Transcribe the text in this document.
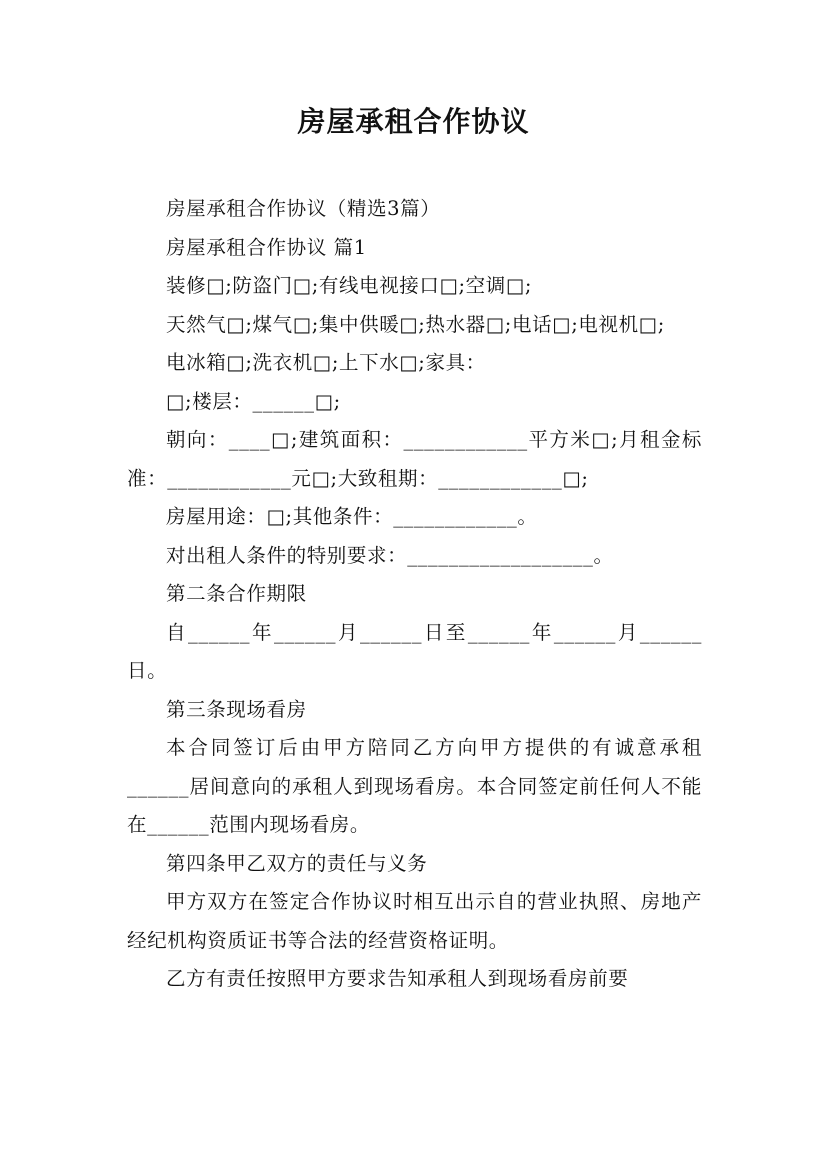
房屋承租合作协议

房屋承租合作协议（精选3篇）

房屋承租合作协议 篇1

装修□;防盗门□;有线电视接口□;空调□;

天然气□;煤气□;集中供暖□;热水器□;电话□;电视机□;

电冰箱□;洗衣机□;上下水□;家具：

□;楼层：______□;

朝向：____□;建筑面积：____________平方米□;月租金标准：____________元□;大致租期：____________□;

房屋用途：□;其他条件：____________。

对出租人条件的特别要求：__________________。

第二条合作期限

自______年______月______日至______年______月______日。

第三条现场看房

本合同签订后由甲方陪同乙方向甲方提供的有诚意承租______居间意向的承租人到现场看房。本合同签定前任何人不能在______范围内现场看房。

第四条甲乙双方的责任与义务

甲方双方在签定合作协议时相互出示自的营业执照、房地产经纪机构资质证书等合法的经营资格证明。

乙方有责任按照甲方要求告知承租人到现场看房前要
